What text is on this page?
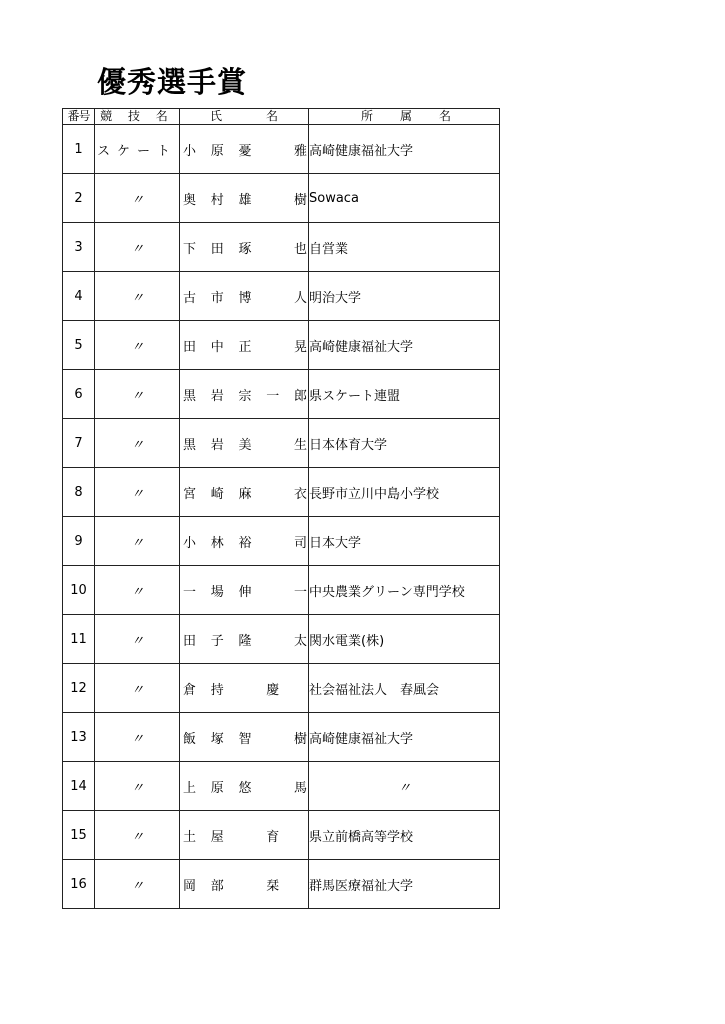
優秀選手賞
番号	競 技 名	氏 名	所 属 名

1	スケート	小 原 憂 雅	高崎健康福祉大学
2	〃	奥 村 雄 樹	Sowaca
3	〃	下 田 琢 也	自営業
4	〃	古 市 博 人	明治大学
5	〃	田 中 正 晃	高崎健康福祉大学
6	〃	黒 岩 宗 一 郎	県スケート連盟
7	〃	黒 岩 美 生	日本体育大学
8	〃	宮 崎 麻 衣	長野市立川中島小学校
9	〃	小 林 裕 司	日本大学
10	〃	一 場 伸 一	中央農業グリーン専門学校
11	〃	田 子 隆 太	関水電業(株)
12	〃	倉 持 慶	社会福祉法人　春風会
13	〃	飯 塚 智 樹	高崎健康福祉大学
14	〃	上 原 悠 馬	〃
15	〃	土 屋 育	県立前橋高等学校
16	〃	岡 部 栞	群馬医療福祉大学
